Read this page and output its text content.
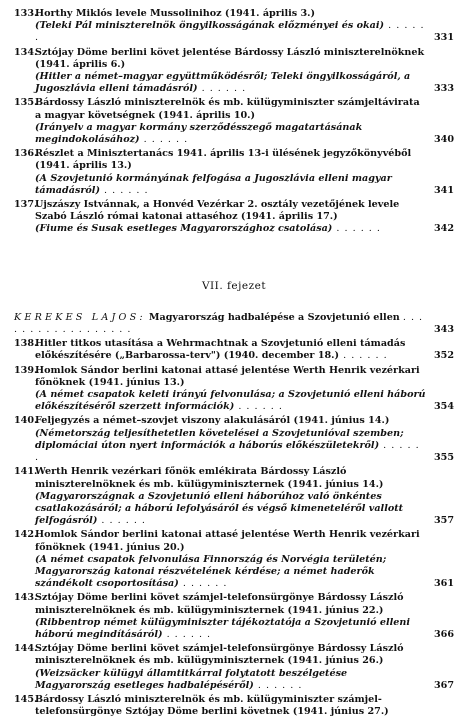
133.
Horthy Miklós levele Mussolinihoz (1941. április 3.)
(Teleki Pál miniszterelnök öngyilkosságának előzményei és okai) . . . . . .	331
134.
Sztójay Döme berlini követ jelentése Bárdossy László miniszterelnöknek (1941. április 6.)
(Hitler a német–magyar együttműködésről; Teleki öngyilkosságáról, a Jugoszlávia elleni támadásról) . . . . . .	333
135.
Bárdossy László miniszterelnök és mb. külügyminiszter számjeltávirata a magyar követségnek (1941. április 10.)
(Irányelv a magyar kormány szerződésszegő magatartásának megindokolásához) . . . . . .	340
136.
Részlet a Minisztertanács 1941. április 13-i ülésének jegyzőkönyvéből (1941. április 13.)
(A Szovjetunió kormányának felfogása a Jugoszlávia elleni magyar támadásról) . . . . . .	341
137.
Ujszászy Istvánnak, a Honvéd Vezérkar 2. osztály vezetőjének levele Szabó László római katonai attaséhoz (1941. április 17.)
(Fiume és Susak esetleges Magyarországhoz csatolása) . . . . . .	342
VII. fejezet
KEREKES LAJOS: Magyarország hadbalépése a Szovjetunió ellen . . . . . . . . . . . . . . . . . .	343
138.
Hitler titkos utasítása a Wehrmachtnak a Szovjetunió elleni támadás előkészítésére („Barbarossa-terv") (1940. december 18.) . . . . . .	352
139.
Homlok Sándor berlini katonai attasé jelentése Werth Henrik vezérkari főnöknek (1941. június 13.)
(A német csapatok keleti irányú felvonulása; a Szovjetunió elleni háború előkészítéséről szerzett információk) . . . . . .	354
140.
Feljegyzés a német–szovjet viszony alakulásáról (1941. június 14.)
(Németország teljesíthetetlen követelései a Szovjetunióval szemben; diplomáciai úton nyert információk a háborús előkészületekről) . . . . . .	355
141.
Werth Henrik vezérkari főnök emlékirata Bárdossy László miniszterelnöknek és mb. külügyminiszternek (1941. június 14.)
(Magyarországnak a Szovjetunió elleni háborúhoz való önkéntes csatlakozásáról; a háború lefolyásáról és végső kimeneteléről vallott felfogásról) . . . . . .	357
142.
Homlok Sándor berlini katonai attasé jelentése Werth Henrik vezérkari főnöknek (1941. június 20.)
(A német csapatok felvonulása Finnország és Norvégia területén; Magyarország katonai részvételének kérdése; a német haderők szándékolt csoportosítása) . . . . . .	361
143.
Sztójay Döme berlini követ számjel-telefonsürgönye Bárdossy László miniszterelnöknek és mb. külügyminiszternek (1941. június 22.)
(Ribbentrop német külügyminiszter tájékoztatója a Szovjetunió elleni háború megindításáról) . . . . . .	366
144.
Sztójay Döme berlini követ számjel-telefonsürgönye Bárdossy László miniszterelnöknek és mb. külügyminiszternek (1941. június 26.)
(Weizsäcker külügyi államtitkárral folytatott beszélgetése Magyarország esetleges hadbalépéséről) . . . . . .	367
145.
Bárdossy László miniszterelnök és mb. külügyminiszter számjel-telefonsürgönye Sztójay Döme berlini követnek (1941. június 27.)
